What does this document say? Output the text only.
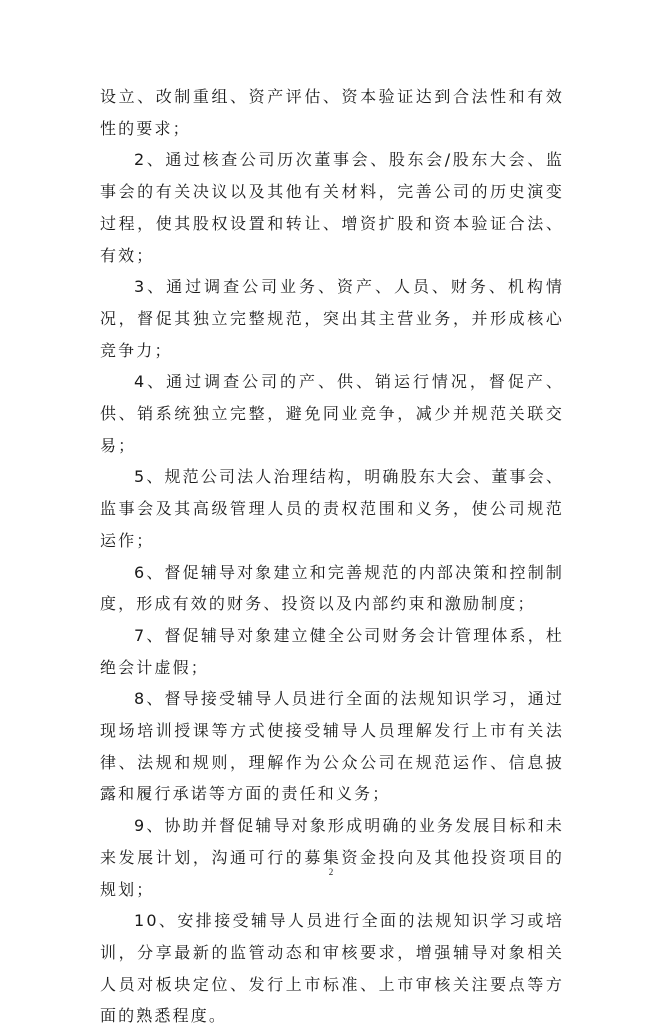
设立、改制重组、资产评估、资本验证达到合法性和有效性的要求；

2、通过核查公司历次董事会、股东会/股东大会、监事会的有关决议以及其他有关材料，完善公司的历史演变过程，使其股权设置和转让、增资扩股和资本验证合法、有效；

3、通过调查公司业务、资产、人员、财务、机构情况，督促其独立完整规范，突出其主营业务，并形成核心竞争力；

4、通过调查公司的产、供、销运行情况，督促产、供、销系统独立完整，避免同业竞争，减少并规范关联交易；

5、规范公司法人治理结构，明确股东大会、董事会、监事会及其高级管理人员的责权范围和义务，使公司规范运作；

6、督促辅导对象建立和完善规范的内部决策和控制制度，形成有效的财务、投资以及内部约束和激励制度；

7、督促辅导对象建立健全公司财务会计管理体系，杜绝会计虚假；

8、督导接受辅导人员进行全面的法规知识学习，通过现场培训授课等方式使接受辅导人员理解发行上市有关法律、法规和规则，理解作为公众公司在规范运作、信息披露和履行承诺等方面的责任和义务；

9、协助并督促辅导对象形成明确的业务发展目标和未来发展计划，沟通可行的募集资金投向及其他投资项目的规划；

10、安排接受辅导人员进行全面的法规知识学习或培训，分享最新的监管动态和审核要求，增强辅导对象相关人员对板块定位、发行上市标准、上市审核关注要点等方面的熟悉程度。

2
